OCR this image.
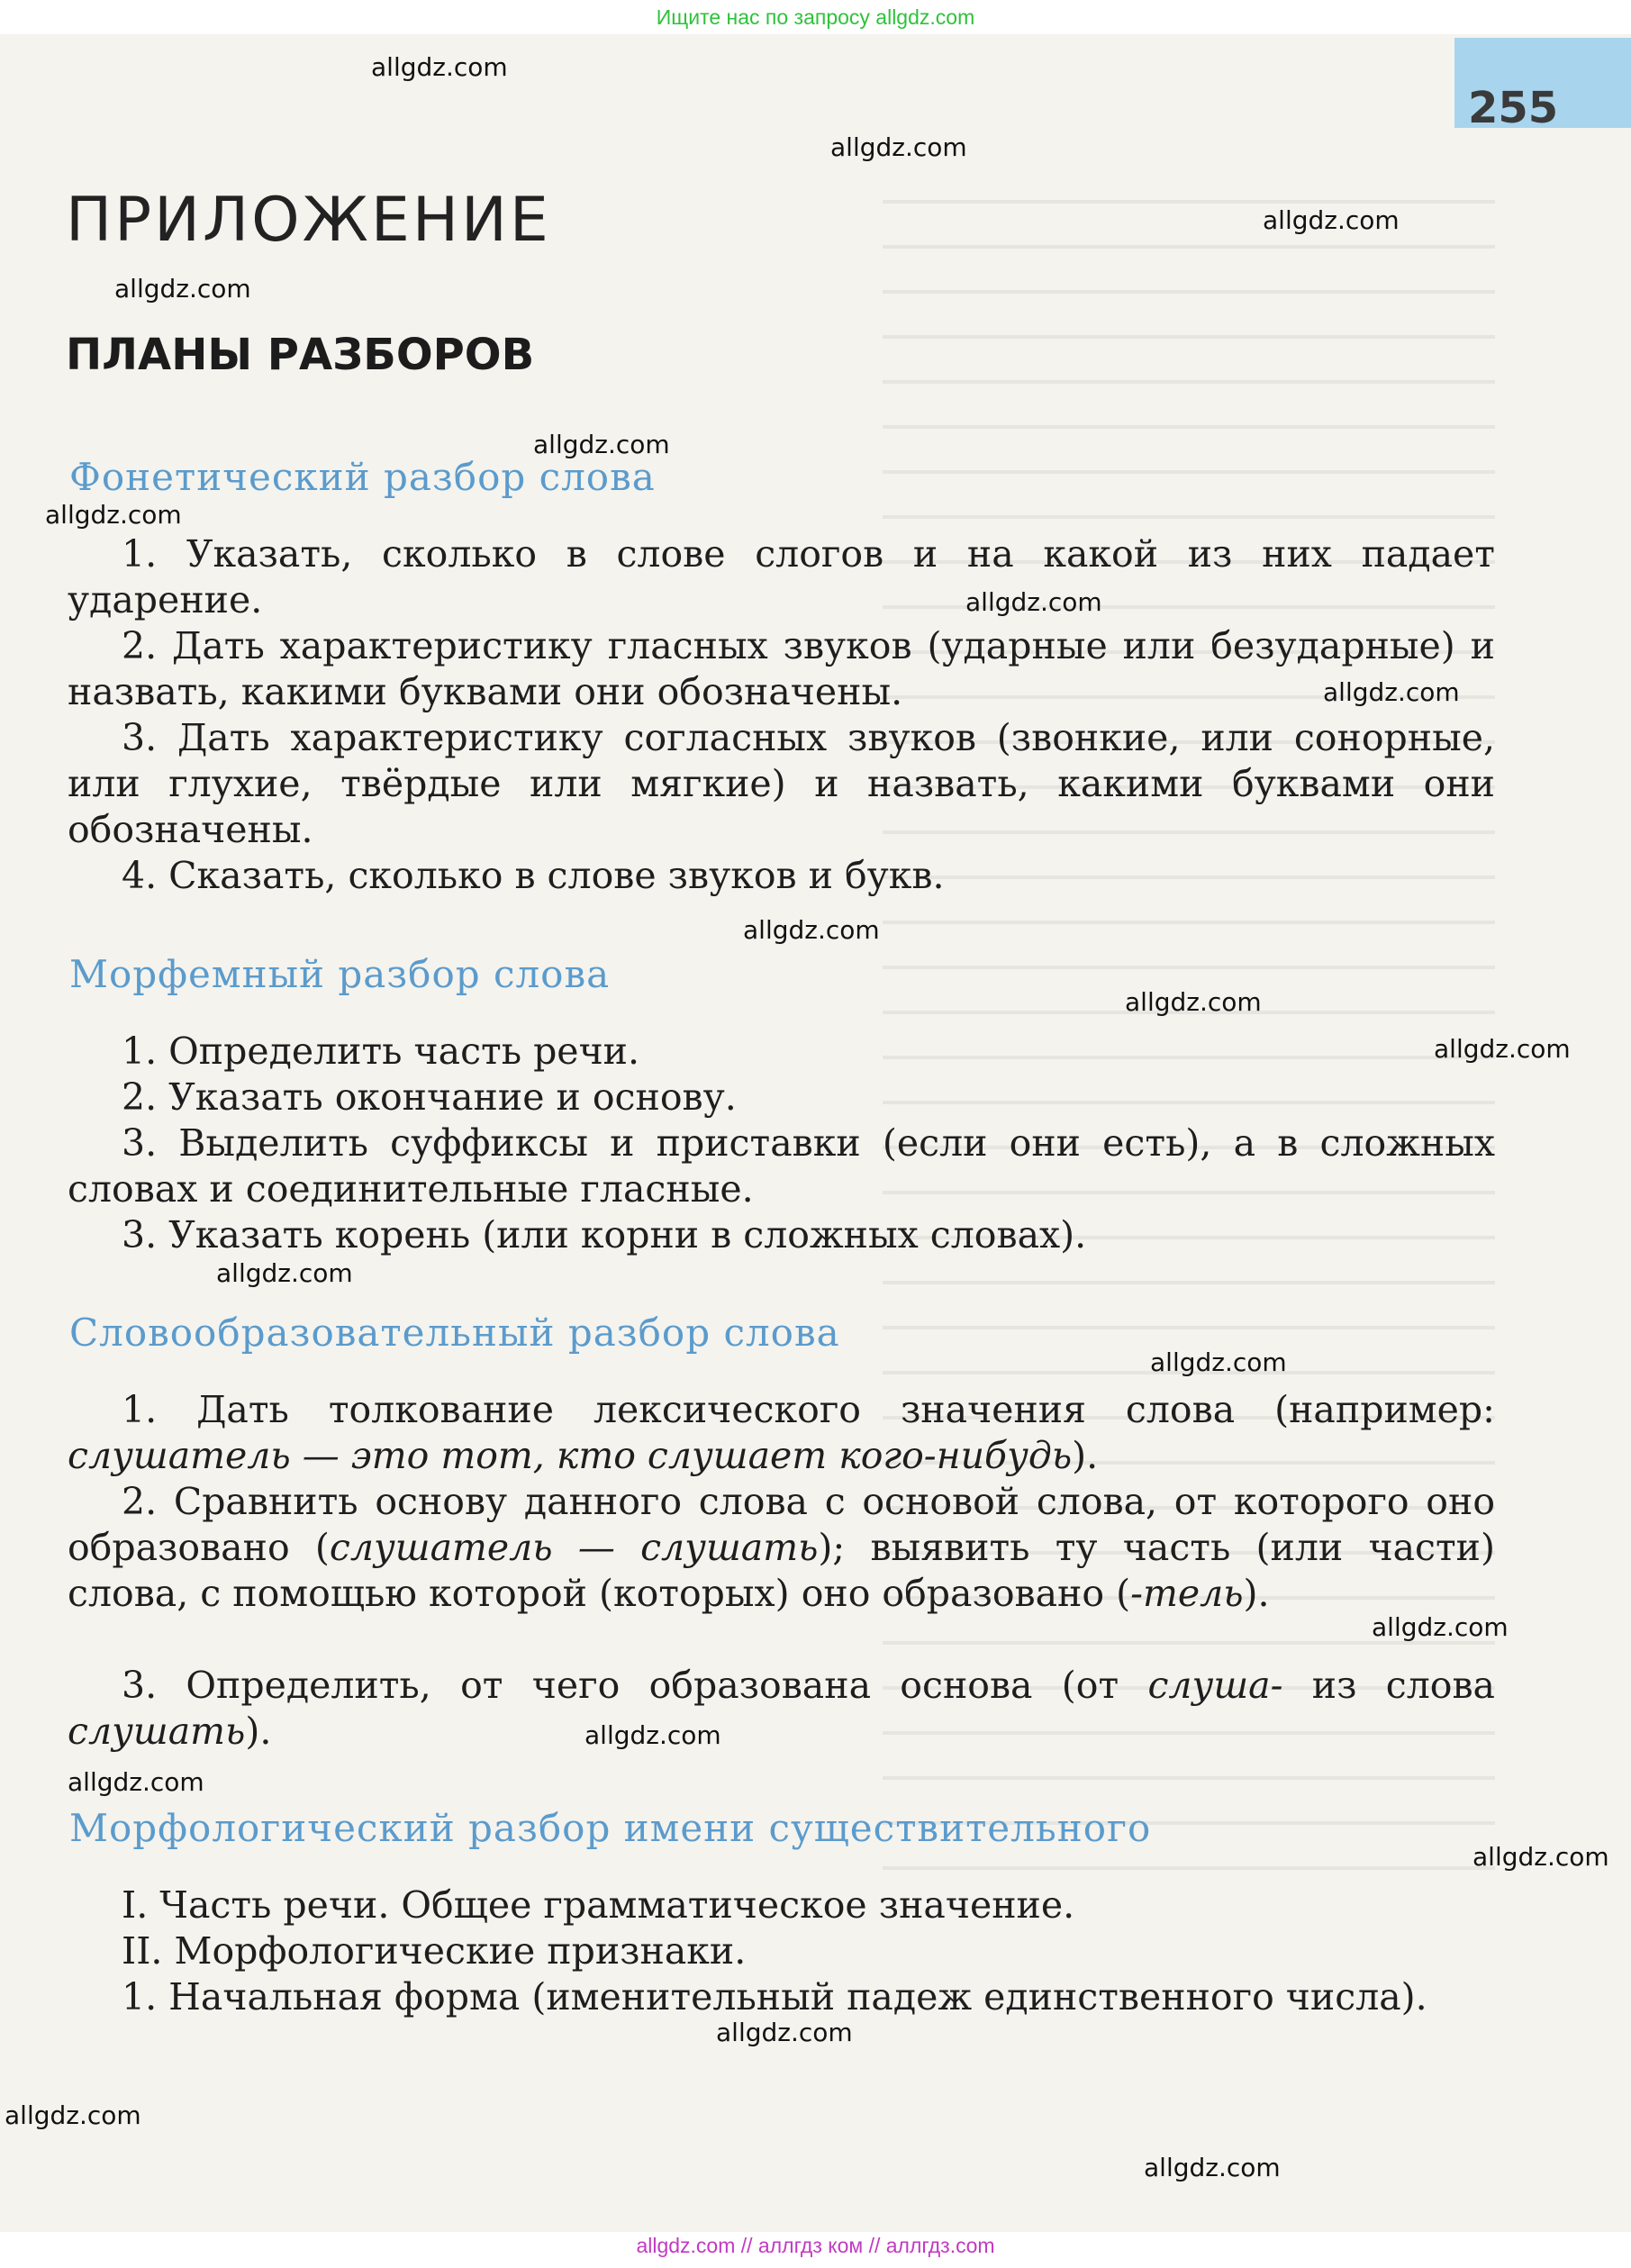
Ищите нас по запросу allgdz.com
255
ПРИЛОЖЕНИЕ
ПЛАНЫ РАЗБОРОВ
Фонетический разбор слова
1. Указать, сколько в слове слогов и на какой из них падает ударение.
2. Дать характеристику гласных звуков (ударные или безударные) и назвать, какими буквами они обозначены.
3. Дать характеристику согласных звуков (звонкие, или сонорные, или глухие, твёрдые или мягкие) и назвать, какими буквами они обозначены.
4. Сказать, сколько в слове звуков и букв.
Морфемный разбор слова
1. Определить часть речи.
2. Указать окончание и основу.
3. Выделить суффиксы и приставки (если они есть), а в сложных словах и соединительные гласные.
3. Указать корень (или корни в сложных словах).
Словообразовательный разбор слова
1. Дать толкование лексического значения слова (например: слушатель — это тот, кто слушает кого-нибудь).
2. Сравнить основу данного слова с основой слова, от которого оно образовано (слушатель — слушать); выявить ту часть (или части) слова, с помощью которой (которых) оно образовано (-тель).
3. Определить, от чего образована основа (от слуша- из слова слушать).
Морфологический разбор имени существительного
I. Часть речи. Общее грамматическое значение.
II. Морфологические признаки.
1. Начальная форма (именительный падеж единственного числа).
allgdz.com
allgdz.com
allgdz.com
allgdz.com
allgdz.com
allgdz.com
allgdz.com
allgdz.com
allgdz.com
allgdz.com
allgdz.com
allgdz.com
allgdz.com
allgdz.com
allgdz.com
allgdz.com
allgdz.com
allgdz.com
allgdz.com
allgdz.com
allgdz.com // аллгдз ком // аллгдз.com
